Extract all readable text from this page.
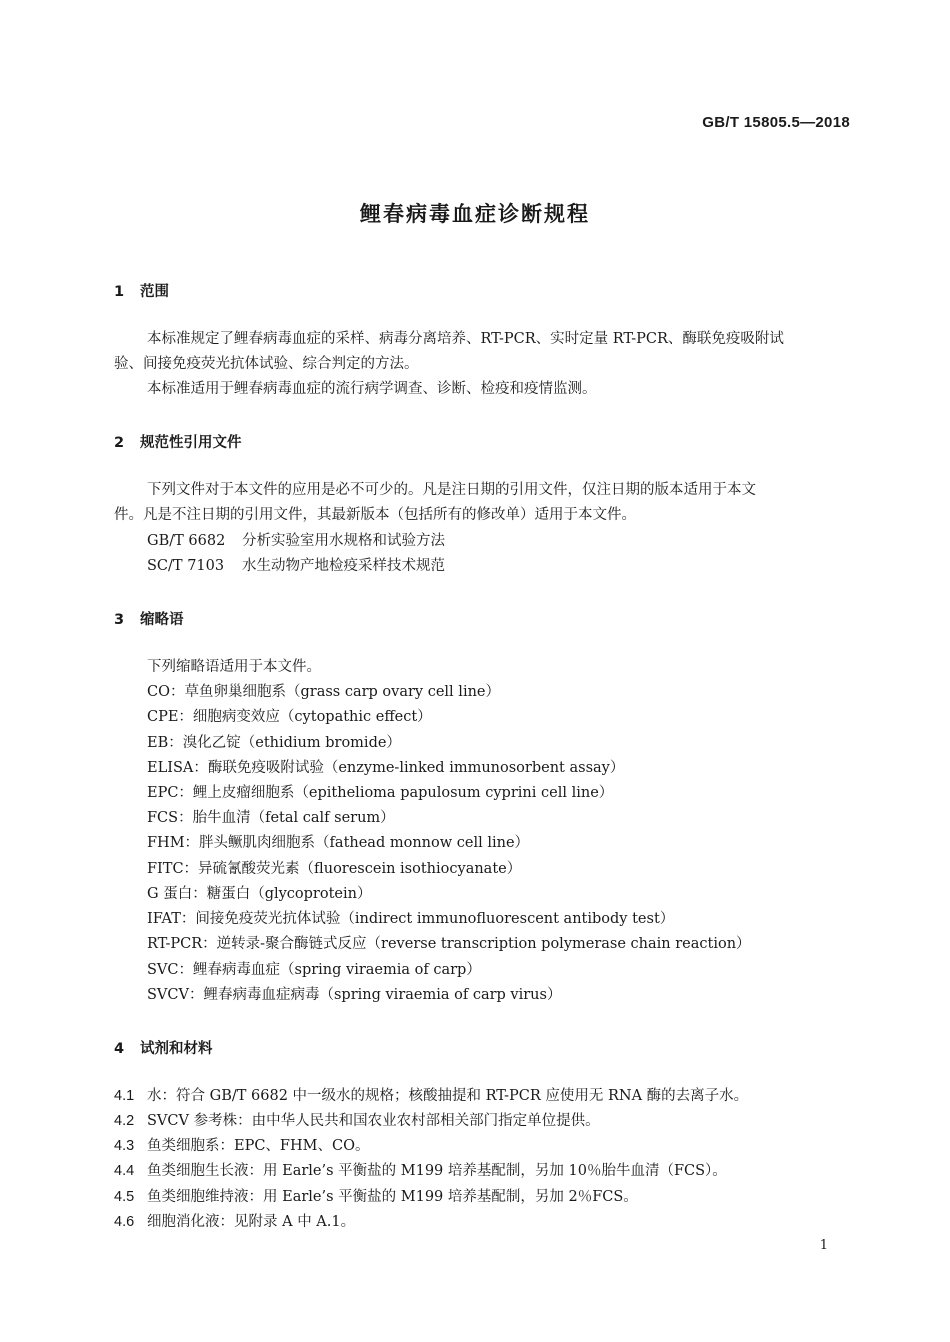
GB/T 15805.5—2018
鲤春病毒血症诊断规程
1 范围
本标准规定了鲤春病毒血症的采样、病毒分离培养、RT-PCR、实时定量 RT-PCR、酶联免疫吸附试
验、间接免疫荧光抗体试验、综合判定的方法。
本标准适用于鲤春病毒血症的流行病学调查、诊断、检疫和疫情监测。
2 规范性引用文件
下列文件对于本文件的应用是必不可少的。凡是注日期的引用文件，仅注日期的版本适用于本文
件。凡是不注日期的引用文件，其最新版本（包括所有的修改单）适用于本文件。
GB/T 6682 分析实验室用水规格和试验方法
SC/T 7103 水生动物产地检疫采样技术规范
3 缩略语
下列缩略语适用于本文件。
CO：草鱼卵巢细胞系（grass carp ovary cell line）
CPE：细胞病变效应（cytopathic effect）
EB：溴化乙锭（ethidium bromide）
ELISA：酶联免疫吸附试验（enzyme-linked immunosorbent assay）
EPC：鲤上皮瘤细胞系（epithelioma papulosum cyprini cell line）
FCS：胎牛血清（fetal calf serum）
FHM：胖头鳜肌肉细胞系（fathead monnow cell line）
FITC：异硫氰酸荧光素（fluorescein isothiocyanate）
G 蛋白：糖蛋白（glycoprotein）
IFAT：间接免疫荧光抗体试验（indirect immunofluorescent antibody test）
RT-PCR：逆转录-聚合酶链式反应（reverse transcription polymerase chain reaction）
SVC：鲤春病毒血症（spring viraemia of carp）
SVCV：鲤春病毒血症病毒（spring viraemia of carp virus）
4 试剂和材料
4.1 水：符合 GB/T 6682 中一级水的规格；核酸抽提和 RT-PCR 应使用无 RNA 酶的去离子水。
4.2 SVCV 参考株：由中华人民共和国农业农村部相关部门指定单位提供。
4.3 鱼类细胞系：EPC、FHM、CO。
4.4 鱼类细胞生长液：用 Earle’s 平衡盐的 M199 培养基配制，另加 10％胎牛血清（FCS）。
4.5 鱼类细胞维持液：用 Earle’s 平衡盐的 M199 培养基配制，另加 2％FCS。
4.6 细胞消化液：见附录 A 中 A.1。
1
